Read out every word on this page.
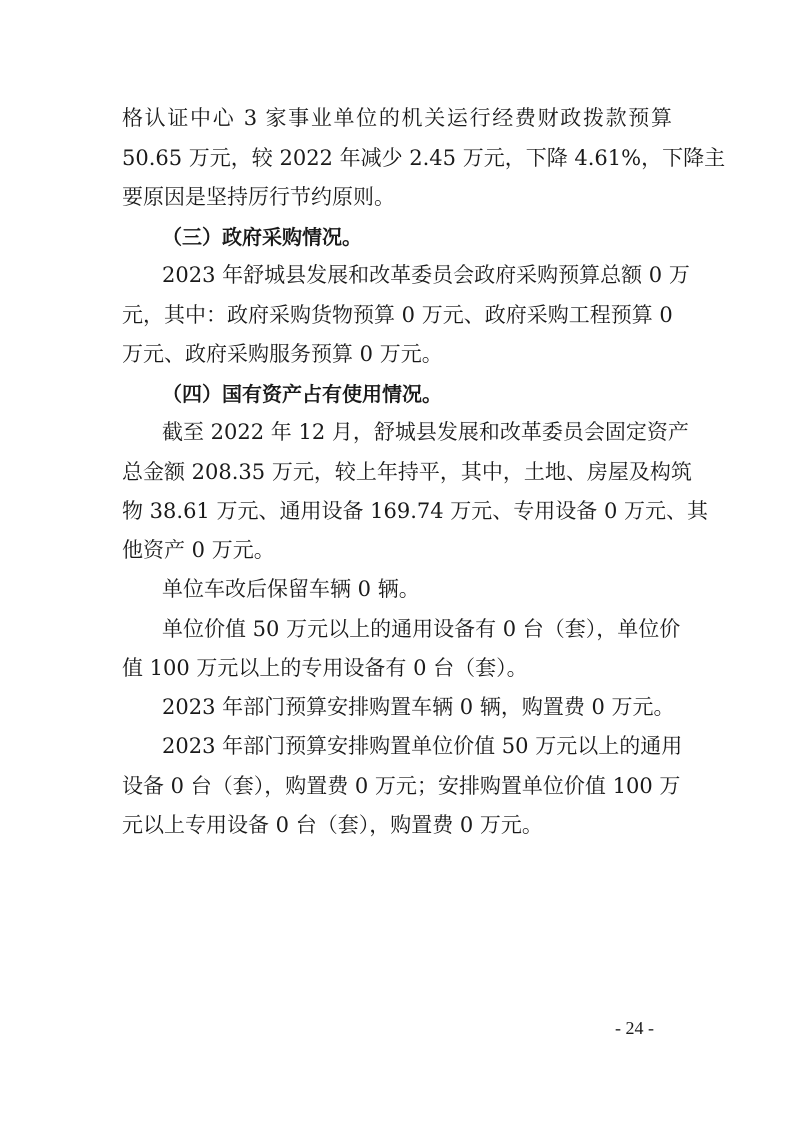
格认证中心 3 家事业单位的机关运行经费财政拨款预算
50.65 万元，较 2022 年减少 2.45 万元，下降 4.61%，下降主
要原因是坚持厉行节约原则。
（三）政府采购情况。
2023 年舒城县发展和改革委员会政府采购预算总额 0 万
元，其中：政府采购货物预算 0 万元、政府采购工程预算 0
万元、政府采购服务预算 0 万元。
（四）国有资产占有使用情况。
截至 2022 年 12 月，舒城县发展和改革委员会固定资产
总金额 208.35 万元，较上年持平，其中，土地、房屋及构筑
物 38.61 万元、通用设备 169.74 万元、专用设备 0 万元、其
他资产 0 万元。
单位车改后保留车辆 0 辆。
单位价值 50 万元以上的通用设备有 0 台（套），单位价
值 100 万元以上的专用设备有 0 台（套）。
2023 年部门预算安排购置车辆 0 辆，购置费 0 万元。
2023 年部门预算安排购置单位价值 50 万元以上的通用
设备 0 台（套），购置费 0 万元；安排购置单位价值 100 万
元以上专用设备 0 台（套），购置费 0 万元。
- 24 -
